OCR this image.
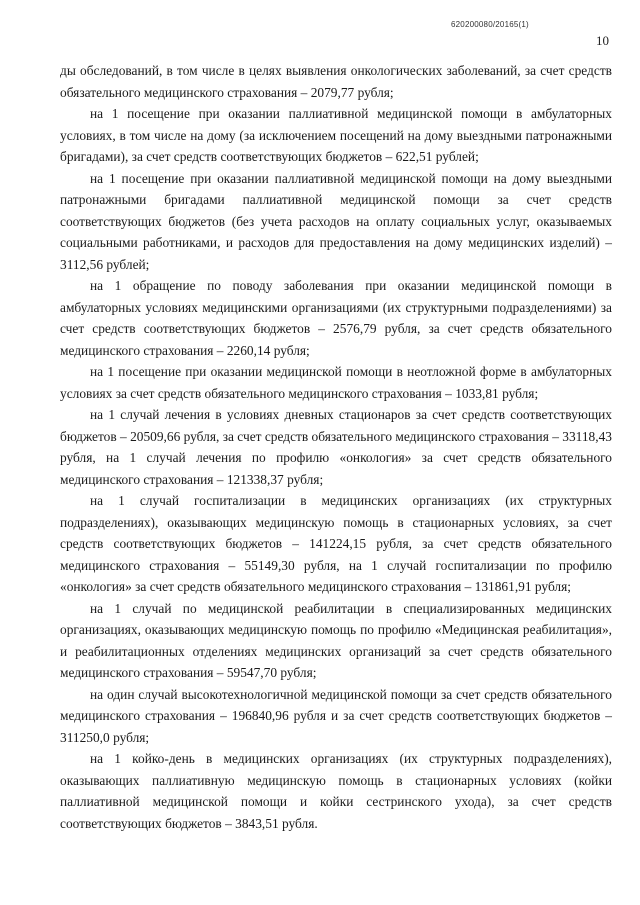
620200080/20165(1)
10

ды обследований, в том числе в целях выявления онкологических заболеваний, за счет средств обязательного медицинского страхования – 2079,77 рубля;

на 1 посещение при оказании паллиативной медицинской помощи в амбулаторных условиях, в том числе на дому (за исключением посещений на дому выездными патронажными бригадами), за счет средств соответствующих бюджетов – 622,51 рублей;

на 1 посещение при оказании паллиативной медицинской помощи на дому выездными патронажными бригадами паллиативной медицинской помощи за счет средств соответствующих бюджетов (без учета расходов на оплату социальных услуг, оказываемых социальными работниками, и расходов для предоставления на дому медицинских изделий) – 3112,56 рублей;

на 1 обращение по поводу заболевания при оказании медицинской помощи в амбулаторных условиях медицинскими организациями (их структурными подразделениями) за счет средств соответствующих бюджетов – 2576,79 рубля, за счет средств обязательного медицинского страхования – 2260,14 рубля;

на 1 посещение при оказании медицинской помощи в неотложной форме в амбулаторных условиях за счет средств обязательного медицинского страхования – 1033,81 рубля;

на 1 случай лечения в условиях дневных стационаров за счет средств соответствующих бюджетов – 20509,66 рубля, за счет средств обязательного медицинского страхования – 33118,43 рубля, на 1 случай лечения по профилю «онкология» за счет средств обязательного медицинского страхования – 121338,37 рубля;

на 1 случай госпитализации в медицинских организациях (их структурных подразделениях), оказывающих медицинскую помощь в стационарных условиях, за счет средств соответствующих бюджетов – 141224,15 рубля, за счет средств обязательного медицинского страхования – 55149,30 рубля, на 1 случай госпитализации по профилю «онкология» за счет средств обязательного медицинского страхования – 131861,91 рубля;

на 1 случай по медицинской реабилитации в специализированных медицинских организациях, оказывающих медицинскую помощь по профилю «Медицинская реабилитация», и реабилитационных отделениях медицинских организаций за счет средств обязательного медицинского страхования – 59547,70 рубля;

на один случай высокотехнологичной медицинской помощи за счет средств обязательного медицинского страхования – 196840,96 рубля и за счет средств соответствующих бюджетов – 311250,0 рубля;

на 1 койко-день в медицинских организациях (их структурных подразделениях), оказывающих паллиативную медицинскую помощь в стационарных условиях (койки паллиативной медицинской помощи и койки сестринского ухода), за счет средств соответствующих бюджетов – 3843,51 рубля.
